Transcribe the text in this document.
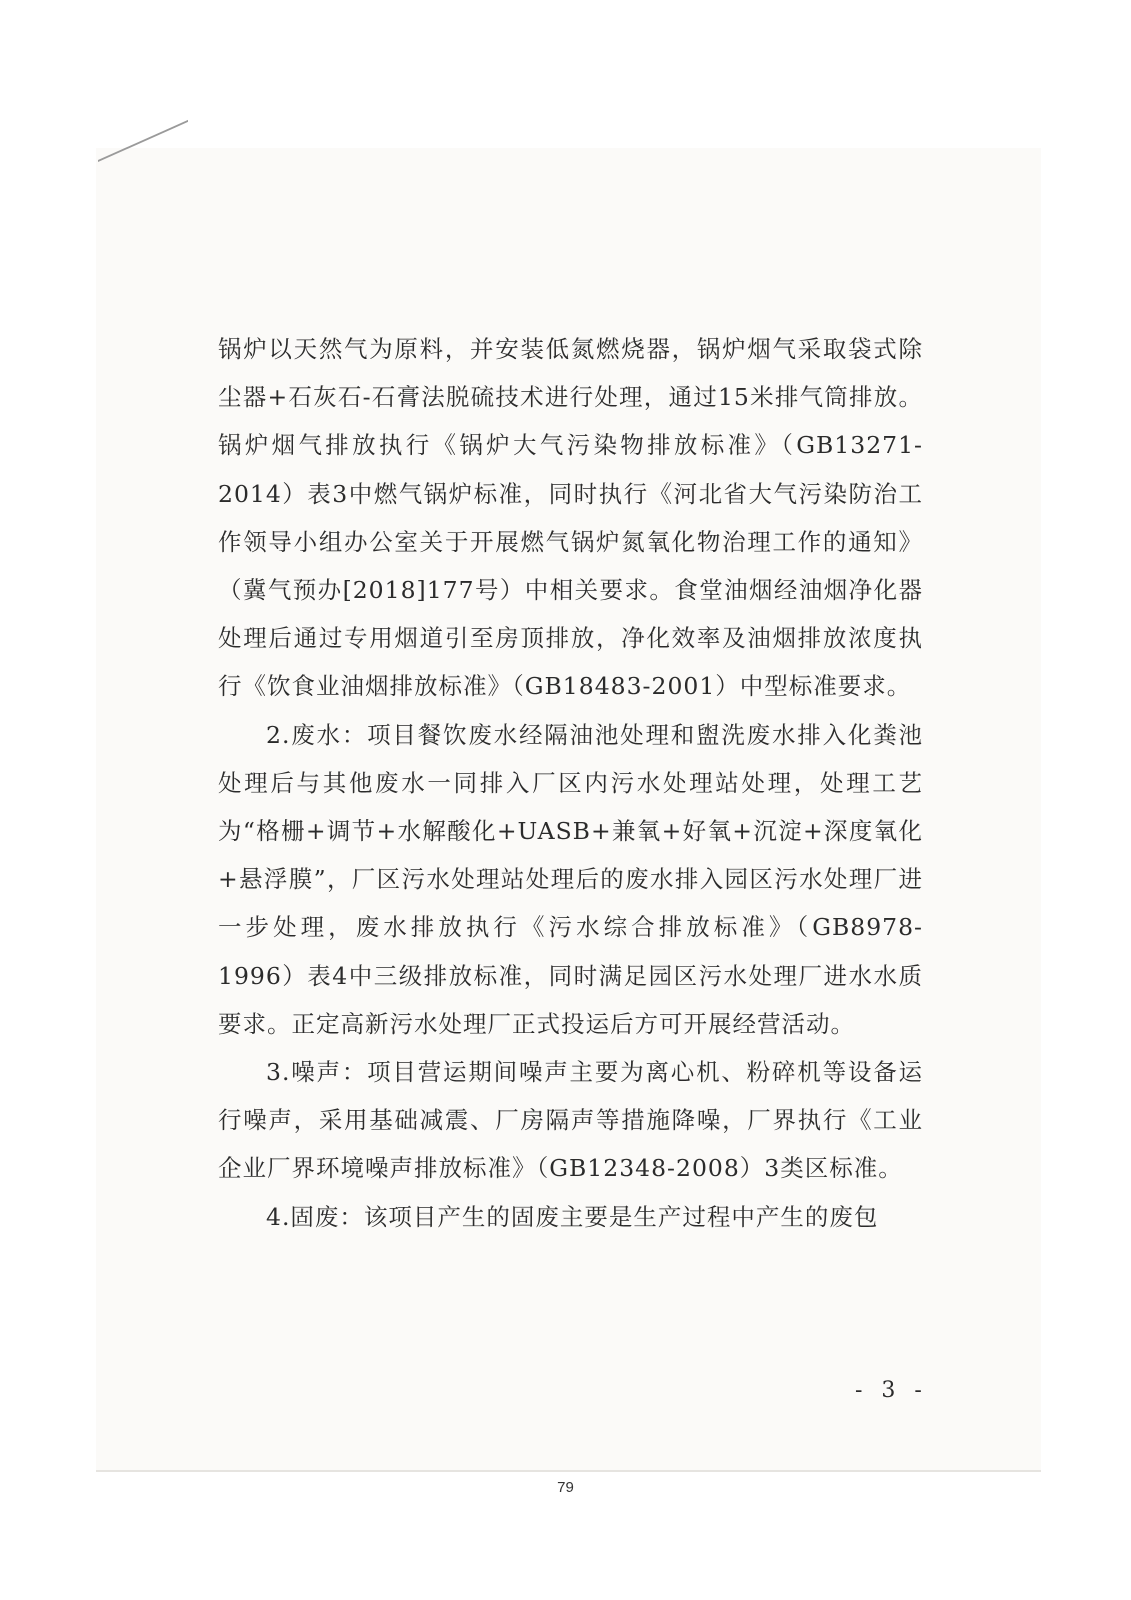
锅炉以天然气为原料，并安装低氮燃烧器，锅炉烟气采取袋式除尘器+石灰石-石膏法脱硫技术进行处理，通过15米排气筒排放。锅炉烟气排放执行《锅炉大气污染物排放标准》（GB13271-2014）表3中燃气锅炉标准，同时执行《河北省大气污染防治工作领导小组办公室关于开展燃气锅炉氮氧化物治理工作的通知》（冀气预办[2018]177号）中相关要求。食堂油烟经油烟净化器处理后通过专用烟道引至房顶排放，净化效率及油烟排放浓度执行《饮食业油烟排放标准》（GB18483-2001）中型标准要求。

2.废水：项目餐饮废水经隔油池处理和盥洗废水排入化粪池处理后与其他废水一同排入厂区内污水处理站处理，处理工艺为“格栅+调节+水解酸化+UASB+兼氧+好氧+沉淀+深度氧化+悬浮膜”，厂区污水处理站处理后的废水排入园区污水处理厂进一步处理，废水排放执行《污水综合排放标准》（GB8978-1996）表4中三级排放标准，同时满足园区污水处理厂进水水质要求。正定高新污水处理厂正式投运后方可开展经营活动。

3.噪声：项目营运期间噪声主要为离心机、粉碎机等设备运行噪声，采用基础减震、厂房隔声等措施降噪，厂界执行《工业企业厂界环境噪声排放标准》（GB12348-2008）3类区标准。

4.固废：该项目产生的固废主要是生产过程中产生的废包

- 3 -
79
